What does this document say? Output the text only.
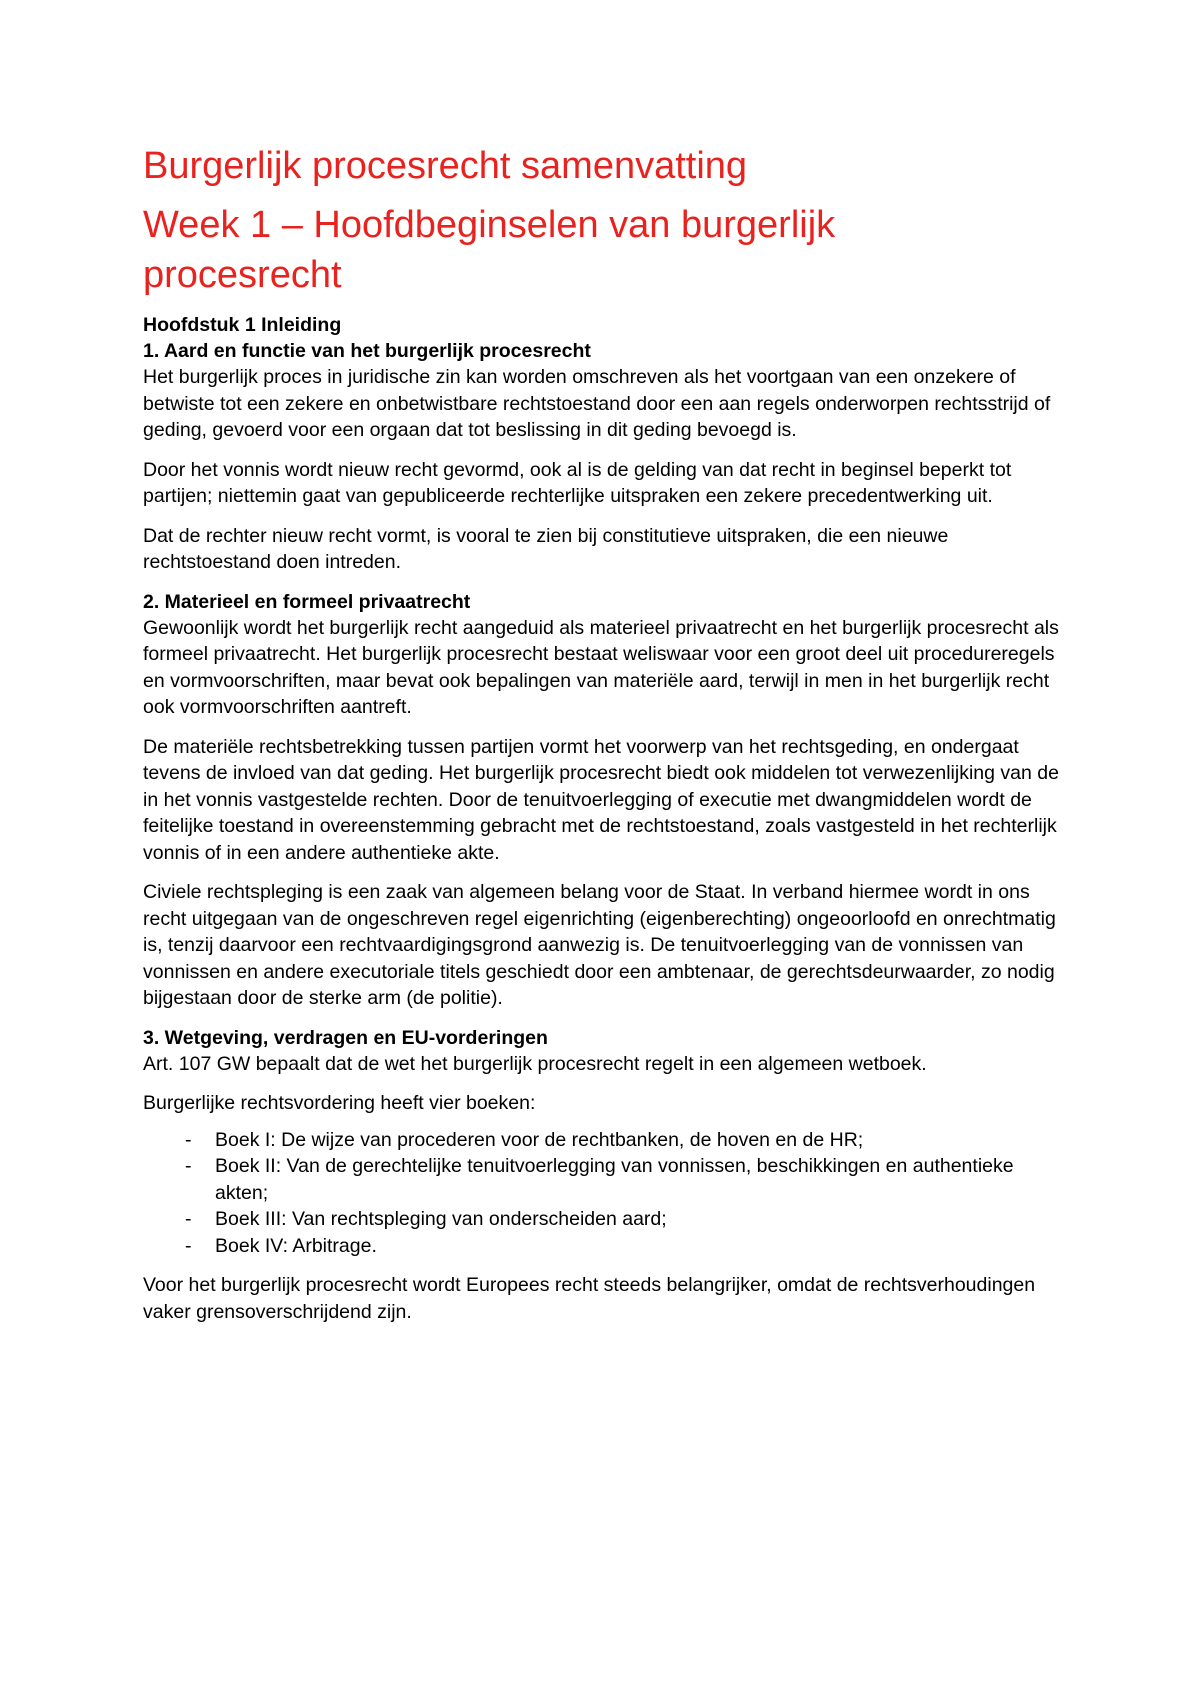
Burgerlijk procesrecht samenvatting
Week 1 – Hoofdbeginselen van burgerlijk procesrecht
Hoofdstuk 1 Inleiding
1. Aard en functie van het burgerlijk procesrecht

Het burgerlijk proces in juridische zin kan worden omschreven als het voortgaan van een onzekere of betwiste tot een zekere en onbetwistbare rechtstoestand door een aan regels onderworpen rechtsstrijd of geding, gevoerd voor een orgaan dat tot beslissing in dit geding bevoegd is.

Door het vonnis wordt nieuw recht gevormd, ook al is de gelding van dat recht in beginsel beperkt tot partijen; niettemin gaat van gepubliceerde rechterlijke uitspraken een zekere precedentwerking uit.

Dat de rechter nieuw recht vormt, is vooral te zien bij constitutieve uitspraken, die een nieuwe rechtstoestand doen intreden.

2. Materieel en formeel privaatrecht

Gewoonlijk wordt het burgerlijk recht aangeduid als materieel privaatrecht en het burgerlijk procesrecht als formeel privaatrecht. Het burgerlijk procesrecht bestaat weliswaar voor een groot deel uit procedureregels en vormvoorschriften, maar bevat ook bepalingen van materiële aard, terwijl in men in het burgerlijk recht ook vormvoorschriften aantreft.

De materiële rechtsbetrekking tussen partijen vormt het voorwerp van het rechtsgeding, en ondergaat tevens de invloed van dat geding. Het burgerlijk procesrecht biedt ook middelen tot verwezenlijking van de in het vonnis vastgestelde rechten. Door de tenuitvoerlegging of executie met dwangmiddelen wordt de feitelijke toestand in overeenstemming gebracht met de rechtstoestand, zoals vastgesteld in het rechterlijk vonnis of in een andere authentieke akte.

Civiele rechtspleging is een zaak van algemeen belang voor de Staat. In verband hiermee wordt in ons recht uitgegaan van de ongeschreven regel eigenrichting (eigenberechting) ongeoorloofd en onrechtmatig is, tenzij daarvoor een rechtvaardigingsgrond aanwezig is. De tenuitvoerlegging van de vonnissen van vonnissen en andere executoriale titels geschiedt door een ambtenaar, de gerechtsdeurwaarder, zo nodig bijgestaan door de sterke arm (de politie).

3. Wetgeving, verdragen en EU-vorderingen

Art. 107 GW bepaalt dat de wet het burgerlijk procesrecht regelt in een algemeen wetboek.

Burgerlijke rechtsvordering heeft vier boeken:

- Boek I: De wijze van procederen voor de rechtbanken, de hoven en de HR;
- Boek II: Van de gerechtelijke tenuitvoerlegging van vonnissen, beschikkingen en authentieke akten;
- Boek III: Van rechtspleging van onderscheiden aard;
- Boek IV: Arbitrage.

Voor het burgerlijk procesrecht wordt Europees recht steeds belangrijker, omdat de rechtsverhoudingen vaker grensoverschrijdend zijn.
